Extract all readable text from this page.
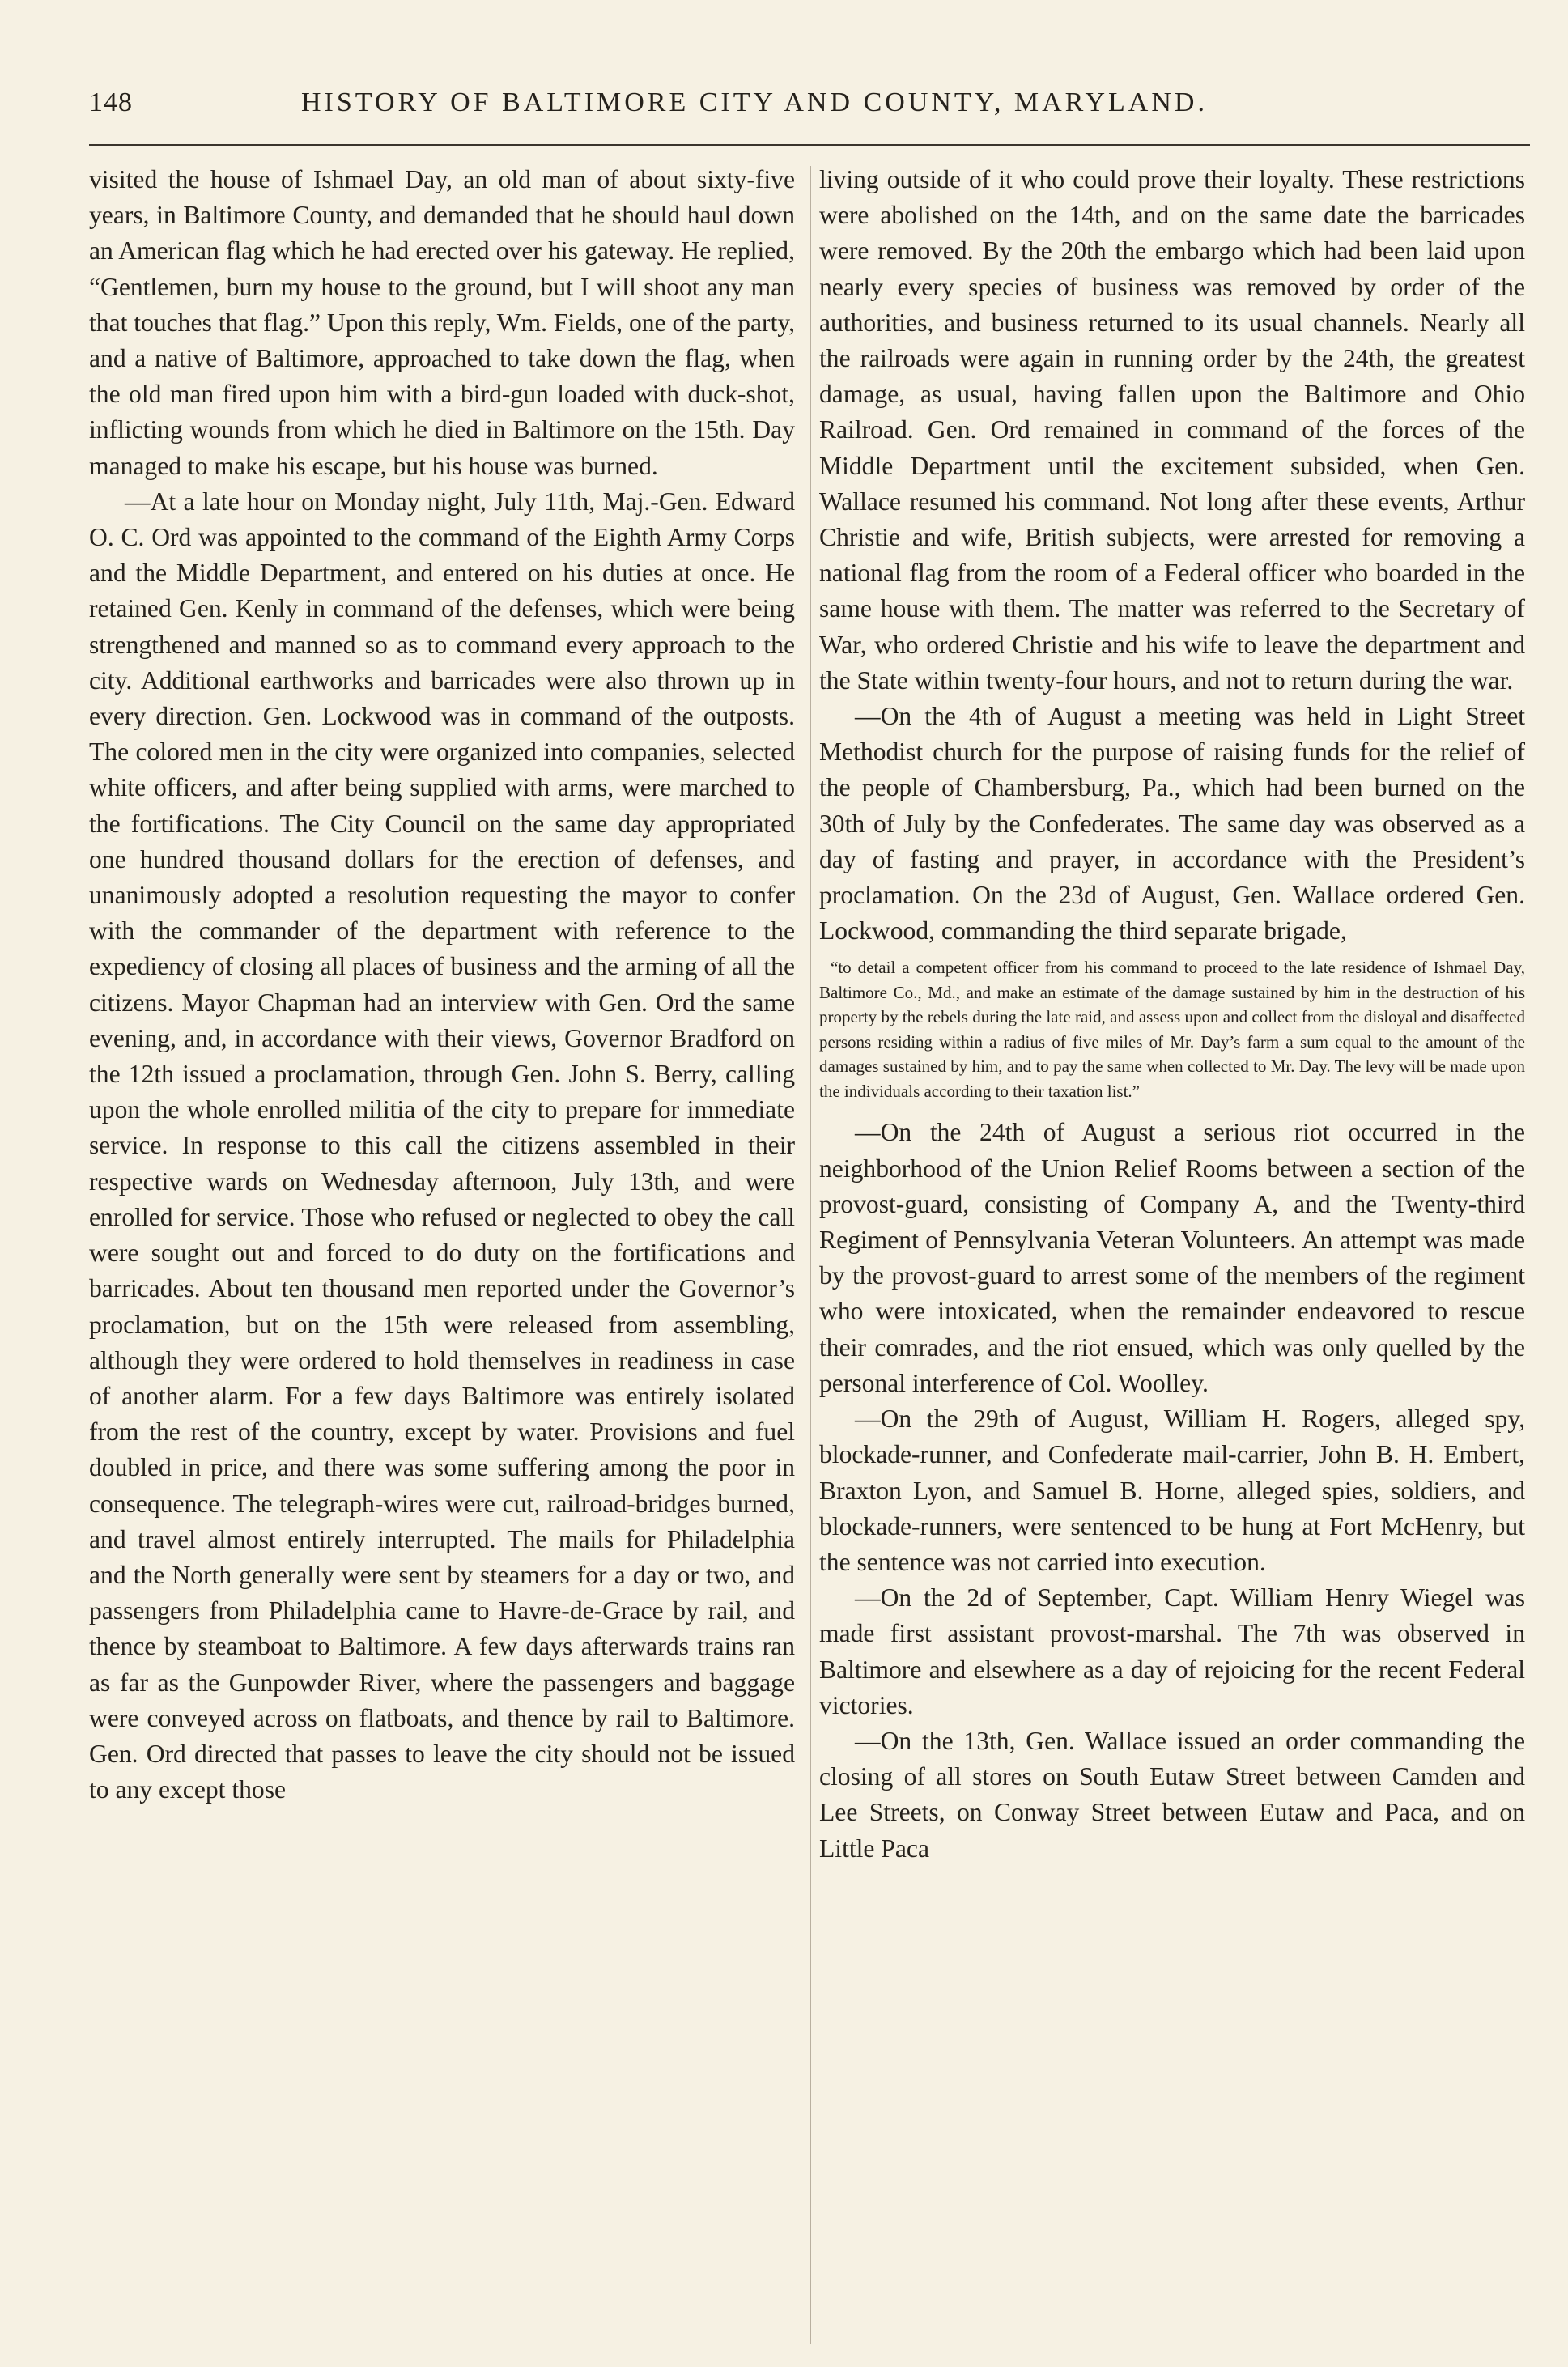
148	HISTORY OF BALTIMORE CITY AND COUNTY, MARYLAND.

visited the house of Ishmael Day, an old man of about sixty-five years, in Baltimore County, and demanded that he should haul down an American flag which he had erected over his gateway. He replied, “Gentlemen, burn my house to the ground, but I will shoot any man that touches that flag.” Upon this reply, Wm. Fields, one of the party, and a native of Baltimore, approached to take down the flag, when the old man fired upon him with a bird-gun loaded with duck-shot, inflicting wounds from which he died in Baltimore on the 15th. Day managed to make his escape, but his house was burned.

—At a late hour on Monday night, July 11th, Maj.-Gen. Edward O. C. Ord was appointed to the command of the Eighth Army Corps and the Middle Department, and entered on his duties at once. He retained Gen. Kenly in command of the defenses, which were being strengthened and manned so as to command every approach to the city. Additional earthworks and barricades were also thrown up in every direction. Gen. Lockwood was in command of the outposts. The colored men in the city were organized into companies, selected white officers, and after being supplied with arms, were marched to the fortifications. The City Council on the same day appropriated one hundred thousand dollars for the erection of defenses, and unanimously adopted a resolution requesting the mayor to confer with the commander of the department with reference to the expediency of closing all places of business and the arming of all the citizens. Mayor Chapman had an interview with Gen. Ord the same evening, and, in accordance with their views, Governor Bradford on the 12th issued a proclamation, through Gen. John S. Berry, calling upon the whole enrolled militia of the city to prepare for immediate service. In response to this call the citizens assembled in their respective wards on Wednesday afternoon, July 13th, and were enrolled for service. Those who refused or neglected to obey the call were sought out and forced to do duty on the fortifications and barricades. About ten thousand men reported under the Governor’s proclamation, but on the 15th were released from assembling, although they were ordered to hold themselves in readiness in case of another alarm. For a few days Baltimore was entirely isolated from the rest of the country, except by water. Provisions and fuel doubled in price, and there was some suffering among the poor in consequence. The telegraph-wires were cut, railroad-bridges burned, and travel almost entirely interrupted. The mails for Philadelphia and the North generally were sent by steamers for a day or two, and passengers from Philadelphia came to Havre-de-Grace by rail, and thence by steamboat to Baltimore. A few days afterwards trains ran as far as the Gunpowder River, where the passengers and baggage were conveyed across on flatboats, and thence by rail to Baltimore. Gen. Ord directed that passes to leave the city should not be issued to any except those

living outside of it who could prove their loyalty. These restrictions were abolished on the 14th, and on the same date the barricades were removed. By the 20th the embargo which had been laid upon nearly every species of business was removed by order of the authorities, and business returned to its usual channels. Nearly all the railroads were again in running order by the 24th, the greatest damage, as usual, having fallen upon the Baltimore and Ohio Railroad. Gen. Ord remained in command of the forces of the Middle Department until the excitement subsided, when Gen. Wallace resumed his command. Not long after these events, Arthur Christie and wife, British subjects, were arrested for removing a national flag from the room of a Federal officer who boarded in the same house with them. The matter was referred to the Secretary of War, who ordered Christie and his wife to leave the department and the State within twenty-four hours, and not to return during the war.

—On the 4th of August a meeting was held in Light Street Methodist church for the purpose of raising funds for the relief of the people of Chambersburg, Pa., which had been burned on the 30th of July by the Confederates. The same day was observed as a day of fasting and prayer, in accordance with the President’s proclamation. On the 23d of August, Gen. Wallace ordered Gen. Lockwood, commanding the third separate brigade,

“to detail a competent officer from his command to proceed to the late residence of Ishmael Day, Baltimore Co., Md., and make an estimate of the damage sustained by him in the destruction of his property by the rebels during the late raid, and assess upon and collect from the disloyal and disaffected persons residing within a radius of five miles of Mr. Day’s farm a sum equal to the amount of the damages sustained by him, and to pay the same when collected to Mr. Day. The levy will be made upon the individuals according to their taxation list.”

—On the 24th of August a serious riot occurred in the neighborhood of the Union Relief Rooms between a section of the provost-guard, consisting of Company A, and the Twenty-third Regiment of Pennsylvania Veteran Volunteers. An attempt was made by the provost-guard to arrest some of the members of the regiment who were intoxicated, when the remainder endeavored to rescue their comrades, and the riot ensued, which was only quelled by the personal interference of Col. Woolley.

—On the 29th of August, William H. Rogers, alleged spy, blockade-runner, and Confederate mail-carrier, John B. H. Embert, Braxton Lyon, and Samuel B. Horne, alleged spies, soldiers, and blockade-runners, were sentenced to be hung at Fort McHenry, but the sentence was not carried into execution.

—On the 2d of September, Capt. William Henry Wiegel was made first assistant provost-marshal. The 7th was observed in Baltimore and elsewhere as a day of rejoicing for the recent Federal victories.

—On the 13th, Gen. Wallace issued an order commanding the closing of all stores on South Eutaw Street between Camden and Lee Streets, on Conway Street between Eutaw and Paca, and on Little Paca
